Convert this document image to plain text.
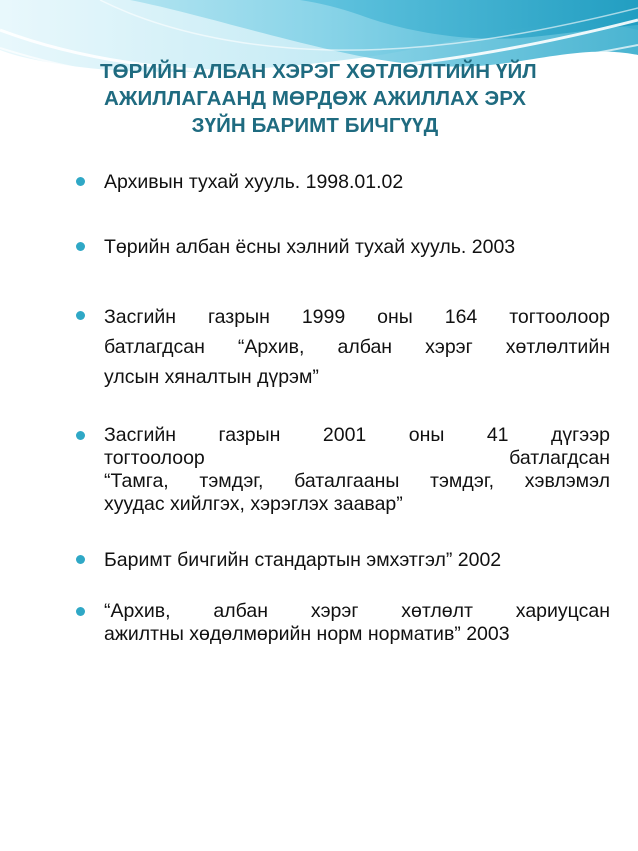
ТӨРИЙН АЛБАН ХЭРЭГ ХӨТЛӨЛТИЙН ҮЙЛ
АЖИЛЛАГААНД МӨРДӨЖ АЖИЛЛАХ ЭРХ
ЗҮЙН БАРИМТ БИЧГҮҮД
Архивын тухай хууль. 1998.01.02
Төрийн албан ёсны хэлний тухай хууль. 2003
Засгийн газрын 1999 оны 164 тогтоолоор
батлагдсан “Архив, албан хэрэг хөтлөлтийн
улсын хяналтын дүрэм”
Засгийн газрын 2001 оны 41 дүгээр
тогтоолоор батлагдсан
“Тамга, тэмдэг, баталгааны тэмдэг, хэвлэмэл
хуудас хийлгэх, хэрэглэх заавар”
Баримт бичгийн стандартын эмхэтгэл” 2002
“Архив, албан хэрэг хөтлөлт хариуцсан
ажилтны хөдөлмөрийн норм норматив” 2003
